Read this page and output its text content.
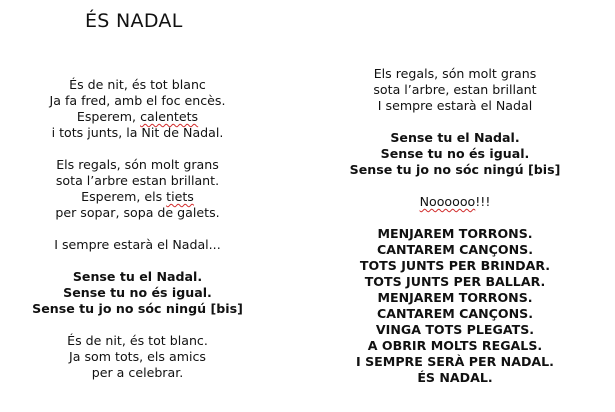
ÉS NADAL
És de nit, és tot blanc
Ja fa fred, amb el foc encès.
Esperem, calentets
i tots junts, la Nit de Nadal.
Els regals, són molt grans
sota l’arbre estan brillant.
Esperem, els tiets
per sopar, sopa de galets.
I sempre estarà el Nadal...
Sense tu el Nadal.
Sense tu no és igual.
Sense tu jo no sóc ningú [bis]
És de nit, és tot blanc.
Ja som tots, els amics
per a celebrar.
Els regals, són molt grans
sota l’arbre, estan brillant
I sempre estarà el Nadal
Sense tu el Nadal.
Sense tu no és igual.
Sense tu jo no sóc ningú [bis]
Noooooo!!!
MENJAREM TORRONS.
CANTAREM CANÇONS.
TOTS JUNTS PER BRINDAR.
TOTS JUNTS PER BALLAR.
MENJAREM TORRONS.
CANTAREM CANÇONS.
VINGA TOTS PLEGATS.
A OBRIR MOLTS REGALS.
I SEMPRE SERÀ PER NADAL.
ÉS NADAL.
